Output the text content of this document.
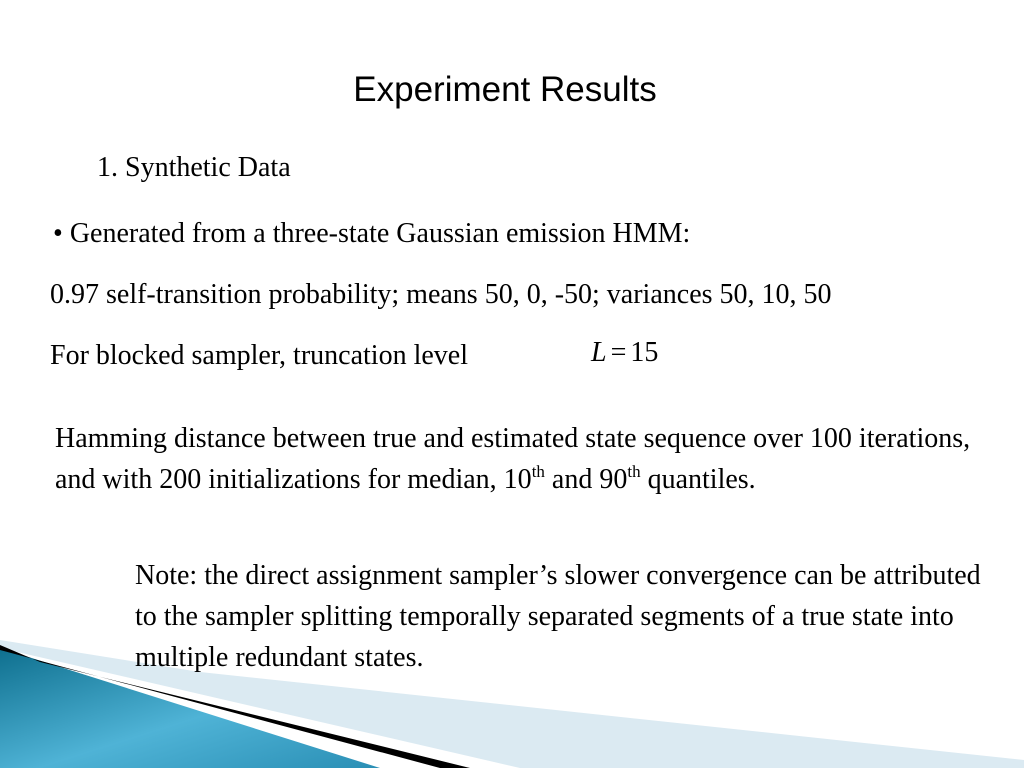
Experiment Results
1. Synthetic Data
• Generated from a three-state Gaussian emission HMM:
0.97 self-transition probability; means 50, 0, -50; variances 50, 10, 50
For blocked sampler, truncation level	L = 15
Hamming distance between true and estimated state sequence over 100 iterations, and with 200 initializations for median, 10th and 90th quantiles.
Note: the direct assignment sampler’s slower convergence can be attributed to the sampler splitting temporally separated segments of a true state into multiple redundant states.
